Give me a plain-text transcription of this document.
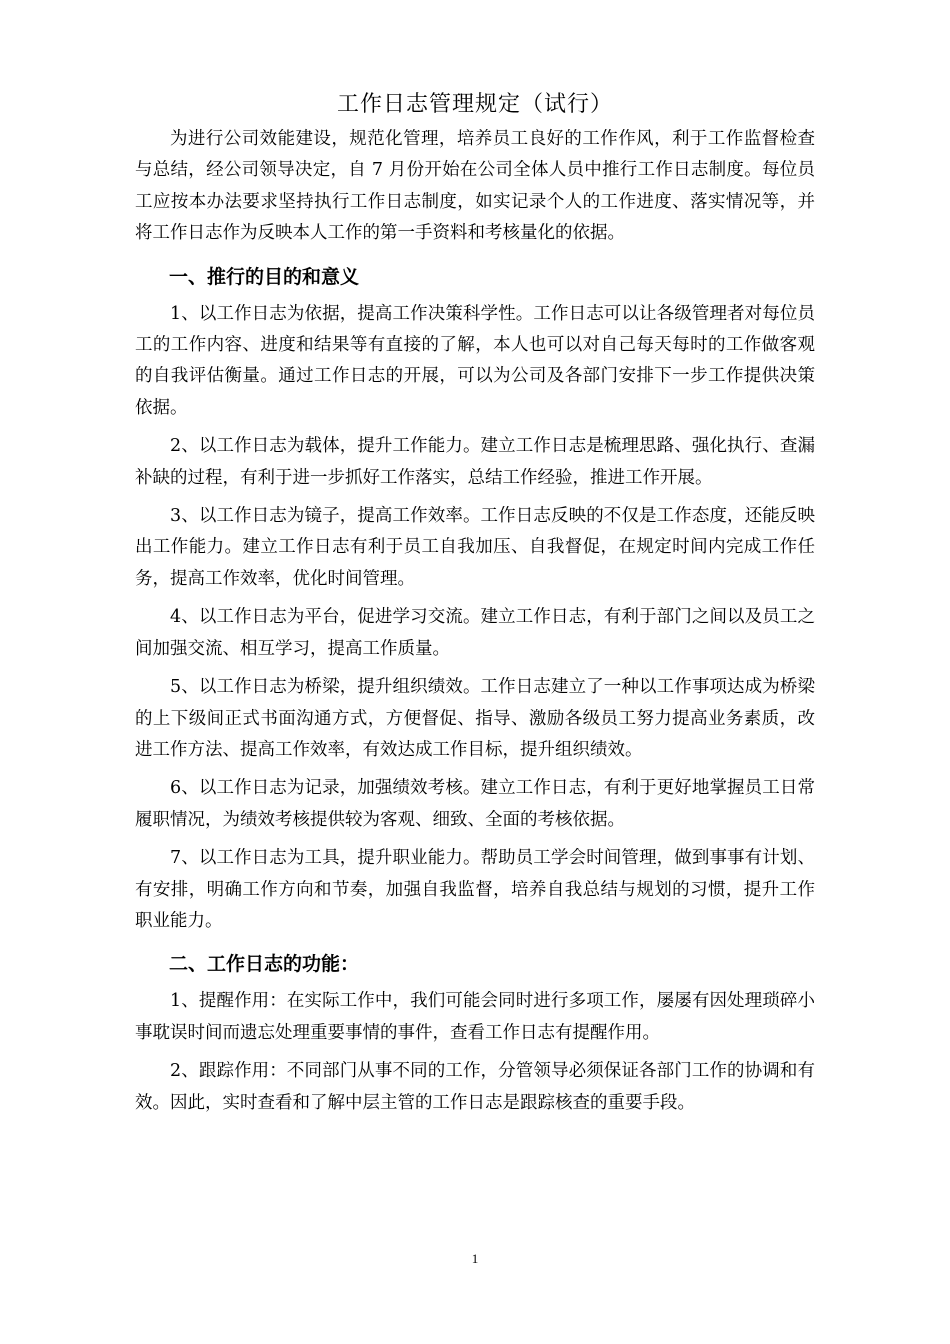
工作日志管理规定（试行）

为进行公司效能建设，规范化管理，培养员工良好的工作作风，利于工作监督检查与总结，经公司领导决定，自 7 月份开始在公司全体人员中推行工作日志制度。每位员工应按本办法要求坚持执行工作日志制度，如实记录个人的工作进度、落实情况等，并将工作日志作为反映本人工作的第一手资料和考核量化的依据。

一、推行的目的和意义

1、以工作日志为依据，提高工作决策科学性。工作日志可以让各级管理者对每位员工的工作内容、进度和结果等有直接的了解，本人也可以对自己每天每时的工作做客观的自我评估衡量。通过工作日志的开展，可以为公司及各部门安排下一步工作提供决策依据。

2、以工作日志为载体，提升工作能力。建立工作日志是梳理思路、强化执行、查漏补缺的过程，有利于进一步抓好工作落实，总结工作经验，推进工作开展。

3、以工作日志为镜子，提高工作效率。工作日志反映的不仅是工作态度，还能反映出工作能力。建立工作日志有利于员工自我加压、自我督促，在规定时间内完成工作任务，提高工作效率，优化时间管理。

4、以工作日志为平台，促进学习交流。建立工作日志，有利于部门之间以及员工之间加强交流、相互学习，提高工作质量。

5、以工作日志为桥梁，提升组织绩效。工作日志建立了一种以工作事项达成为桥梁的上下级间正式书面沟通方式，方便督促、指导、激励各级员工努力提高业务素质，改进工作方法、提高工作效率，有效达成工作目标，提升组织绩效。

6、以工作日志为记录，加强绩效考核。建立工作日志，有利于更好地掌握员工日常履职情况，为绩效考核提供较为客观、细致、全面的考核依据。

7、以工作日志为工具，提升职业能力。帮助员工学会时间管理，做到事事有计划、有安排，明确工作方向和节奏，加强自我监督，培养自我总结与规划的习惯，提升工作职业能力。

二、工作日志的功能：

1、提醒作用：在实际工作中，我们可能会同时进行多项工作，屡屡有因处理琐碎小事耽误时间而遗忘处理重要事情的事件，查看工作日志有提醒作用。

2、跟踪作用：不同部门从事不同的工作，分管领导必须保证各部门工作的协调和有效。因此，实时查看和了解中层主管的工作日志是跟踪核查的重要手段。

1
